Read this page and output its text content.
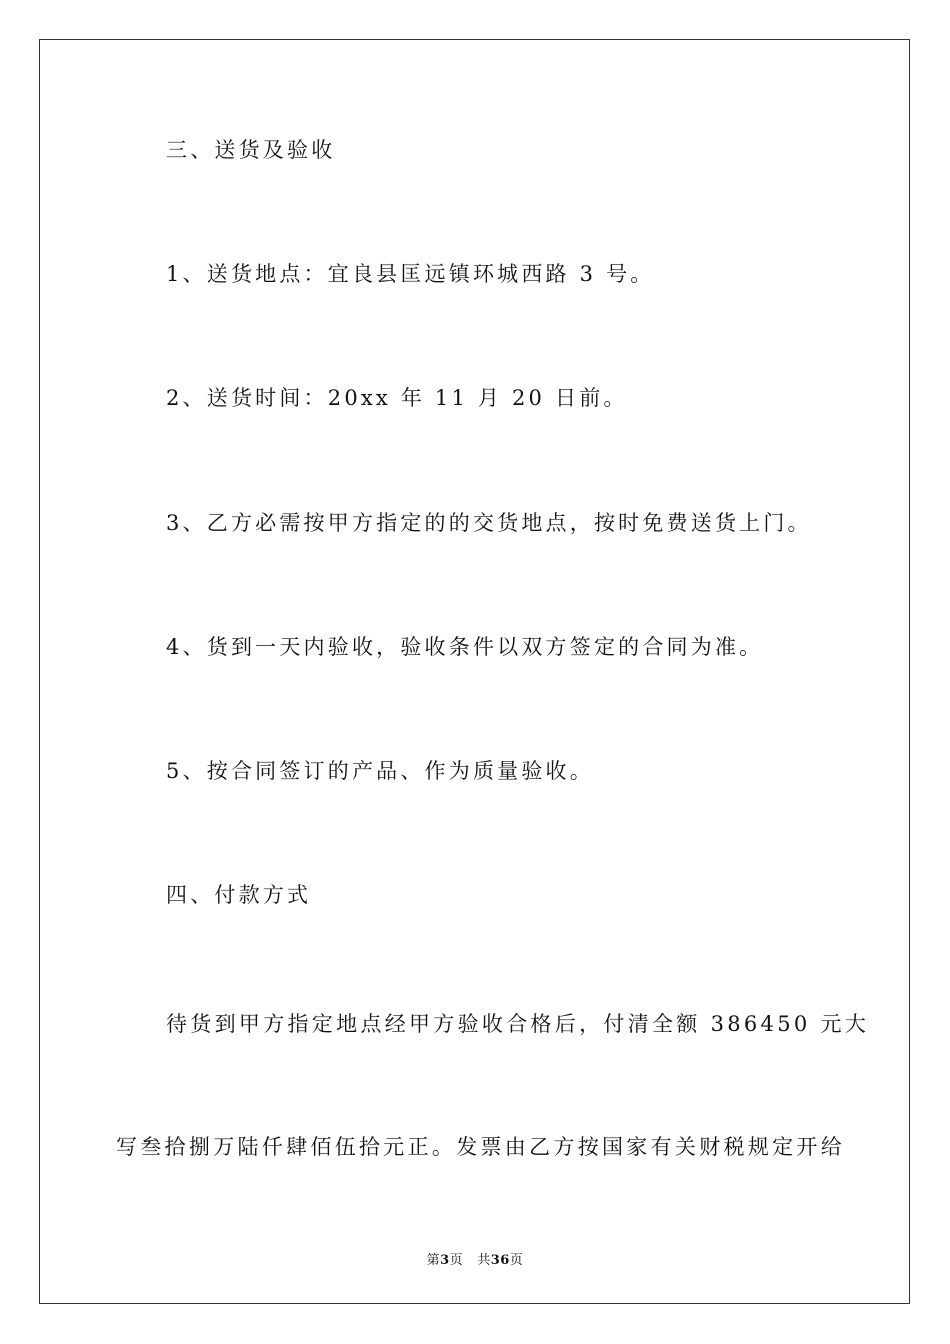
三、送货及验收
1、送货地点：宜良县匡远镇环城西路 3 号。
2、送货时间：20xx 年 11 月 20 日前。
3、乙方必需按甲方指定的的交货地点，按时免费送货上门。
4、货到一天内验收，验收条件以双方签定的合同为准。
5、按合同签订的产品、作为质量验收。
四、付款方式
待货到甲方指定地点经甲方验收合格后，付清全额 386450 元大
写叁拾捌万陆仟肆佰伍拾元正。发票由乙方按国家有关财税规定开给
第3页 共36页
